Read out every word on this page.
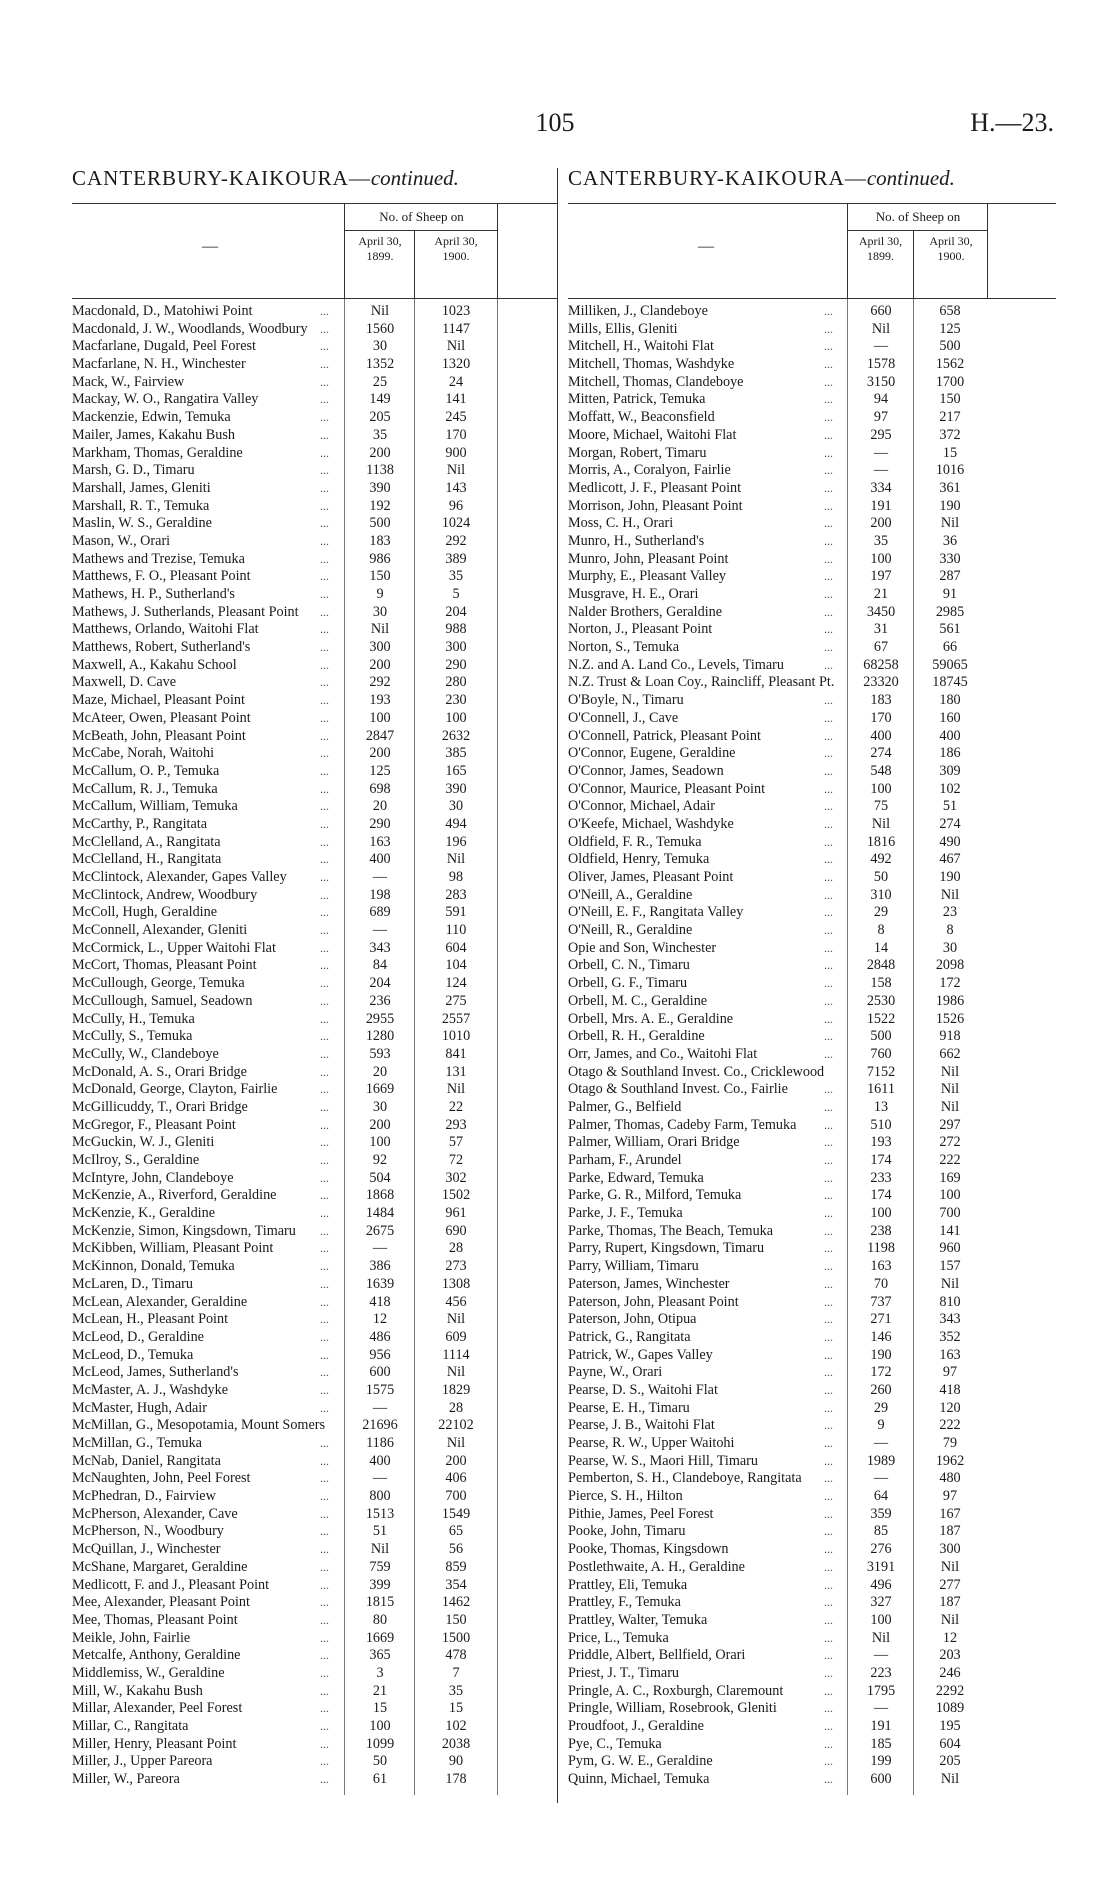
105	H.—23.
CANTERBURY-KAIKOURA—continued.	CANTERBURY-KAIKOURA—continued.
—
No. of Sheep on
April 30,
1899.
April 30,
1900.
Macdonald, D., Matohiwi Point	...	Nil	1023
Macdonald, J. W., Woodlands, Woodbury	...	1560	1147
Macfarlane, Dugald, Peel Forest	...	30	Nil
Macfarlane, N. H., Winchester	...	1352	1320
Mack, W., Fairview	...	25	24
Mackay, W. O., Rangatira Valley	...	149	141
Mackenzie, Edwin, Temuka	...	205	245
Mailer, James, Kakahu Bush	...	35	170
Markham, Thomas, Geraldine	...	200	900
Marsh, G. D., Timaru	...	1138	Nil
Marshall, James, Gleniti	...	390	143
Marshall, R. T., Temuka	...	192	96
Maslin, W. S., Geraldine	...	500	1024
Mason, W., Orari	...	183	292
Mathews and Trezise, Temuka	...	986	389
Matthews, F. O., Pleasant Point	...	150	35
Mathews, H. P., Sutherland's	...	9	5
Mathews, J. Sutherlands, Pleasant Point	...	30	204
Matthews, Orlando, Waitohi Flat	...	Nil	988
Matthews, Robert, Sutherland's	...	300	300
Maxwell, A., Kakahu School	...	200	290
Maxwell, D. Cave	...	292	280
Maze, Michael, Pleasant Point	...	193	230
McAteer, Owen, Pleasant Point	...	100	100
McBeath, John, Pleasant Point	...	2847	2632
McCabe, Norah, Waitohi	...	200	385
McCallum, O. P., Temuka	...	125	165
McCallum, R. J., Temuka	...	698	390
McCallum, William, Temuka	...	20	30
McCarthy, P., Rangitata	...	290	494
McClelland, A., Rangitata	...	163	196
McClelland, H., Rangitata	...	400	Nil
McClintock, Alexander, Gapes Valley	...	—	98
McClintock, Andrew, Woodbury	...	198	283
McColl, Hugh, Geraldine	...	689	591
McConnell, Alexander, Gleniti	...	—	110
McCormick, L., Upper Waitohi Flat	...	343	604
McCort, Thomas, Pleasant Point	...	84	104
McCullough, George, Temuka	...	204	124
McCullough, Samuel, Seadown	...	236	275
McCully, H., Temuka	...	2955	2557
McCully, S., Temuka	...	1280	1010
McCully, W., Clandeboye	...	593	841
McDonald, A. S., Orari Bridge	...	20	131
McDonald, George, Clayton, Fairlie	...	1669	Nil
McGillicuddy, T., Orari Bridge	...	30	22
McGregor, F., Pleasant Point	...	200	293
McGuckin, W. J., Gleniti	...	100	57
McIlroy, S., Geraldine	...	92	72
McIntyre, John, Clandeboye	...	504	302
McKenzie, A., Riverford, Geraldine	...	1868	1502
McKenzie, K., Geraldine	...	1484	961
McKenzie, Simon, Kingsdown, Timaru	...	2675	690
McKibben, William, Pleasant Point	...	—	28
McKinnon, Donald, Temuka	...	386	273
McLaren, D., Timaru	...	1639	1308
McLean, Alexander, Geraldine	...	418	456
McLean, H., Pleasant Point	...	12	Nil
McLeod, D., Geraldine	...	486	609
McLeod, D., Temuka	...	956	1114
McLeod, James, Sutherland's	...	600	Nil
McMaster, A. J., Washdyke	...	1575	1829
McMaster, Hugh, Adair	...	—	28
McMillan, G., Mesopotamia, Mount Somers	21696	22102
McMillan, G., Temuka	...	1186	Nil
McNab, Daniel, Rangitata	...	400	200
McNaughten, John, Peel Forest	...	—	406
McPhedran, D., Fairview	...	800	700
McPherson, Alexander, Cave	...	1513	1549
McPherson, N., Woodbury	...	51	65
McQuillan, J., Winchester	...	Nil	56
McShane, Margaret, Geraldine	...	759	859
Medlicott, F. and J., Pleasant Point	...	399	354
Mee, Alexander, Pleasant Point	...	1815	1462
Mee, Thomas, Pleasant Point	...	80	150
Meikle, John, Fairlie	...	1669	1500
Metcalfe, Anthony, Geraldine	...	365	478
Middlemiss, W., Geraldine	...	3	7
Mill, W., Kakahu Bush	...	21	35
Millar, Alexander, Peel Forest	...	15	15
Millar, C., Rangitata	...	100	102
Miller, Henry, Pleasant Point	...	1099	2038
Miller, J., Upper Pareora	...	50	90
Miller, W., Pareora	...	61	178
—
No. of Sheep on
April 30,
1899.
April 30,
1900.
Milliken, J., Clandeboye	...	660	658
Mills, Ellis, Gleniti	...	Nil	125
Mitchell, H., Waitohi Flat	...	—	500
Mitchell, Thomas, Washdyke	...	1578	1562
Mitchell, Thomas, Clandeboye	...	3150	1700
Mitten, Patrick, Temuka	...	94	150
Moffatt, W., Beaconsfield	...	97	217
Moore, Michael, Waitohi Flat	...	295	372
Morgan, Robert, Timaru	...	—	15
Morris, A., Coralyon, Fairlie	...	—	1016
Medlicott, J. F., Pleasant Point	...	334	361
Morrison, John, Pleasant Point	...	191	190
Moss, C. H., Orari	...	200	Nil
Munro, H., Sutherland's	...	35	36
Munro, John, Pleasant Point	...	100	330
Murphy, E., Pleasant Valley	...	197	287
Musgrave, H. E., Orari	...	21	91
Nalder Brothers, Geraldine	...	3450	2985
Norton, J., Pleasant Point	...	31	561
Norton, S., Temuka	...	67	66
N.Z. and A. Land Co., Levels, Timaru	...	68258	59065
N.Z. Trust & Loan Coy., Raincliff, Pleasant Pt.	23320	18745
O'Boyle, N., Timaru	...	183	180
O'Connell, J., Cave	...	170	160
O'Connell, Patrick, Pleasant Point	...	400	400
O'Connor, Eugene, Geraldine	...	274	186
O'Connor, James, Seadown	...	548	309
O'Connor, Maurice, Pleasant Point	...	100	102
O'Connor, Michael, Adair	...	75	51
O'Keefe, Michael, Washdyke	...	Nil	274
Oldfield, F. R., Temuka	...	1816	490
Oldfield, Henry, Temuka	...	492	467
Oliver, James, Pleasant Point	...	50	190
O'Neill, A., Geraldine	...	310	Nil
O'Neill, E. F., Rangitata Valley	...	29	23
O'Neill, R., Geraldine	...	8	8
Opie and Son, Winchester	...	14	30
Orbell, C. N., Timaru	...	2848	2098
Orbell, G. F., Timaru	...	158	172
Orbell, M. C., Geraldine	...	2530	1986
Orbell, Mrs. A. E., Geraldine	...	1522	1526
Orbell, R. H., Geraldine	...	500	918
Orr, James, and Co., Waitohi Flat	...	760	662
Otago & Southland Invest. Co., Cricklewood	7152	Nil
Otago & Southland Invest. Co., Fairlie	...	1611	Nil
Palmer, G., Belfield	...	13	Nil
Palmer, Thomas, Cadeby Farm, Temuka	...	510	297
Palmer, William, Orari Bridge	...	193	272
Parham, F., Arundel	...	174	222
Parke, Edward, Temuka	...	233	169
Parke, G. R., Milford, Temuka	...	174	100
Parke, J. F., Temuka	...	100	700
Parke, Thomas, The Beach, Temuka	...	238	141
Parry, Rupert, Kingsdown, Timaru	...	1198	960
Parry, William, Timaru	...	163	157
Paterson, James, Winchester	...	70	Nil
Paterson, John, Pleasant Point	...	737	810
Paterson, John, Otipua	...	271	343
Patrick, G., Rangitata	...	146	352
Patrick, W., Gapes Valley	...	190	163
Payne, W., Orari	...	172	97
Pearse, D. S., Waitohi Flat	...	260	418
Pearse, E. H., Timaru	...	29	120
Pearse, J. B., Waitohi Flat	...	9	222
Pearse, R. W., Upper Waitohi	...	—	79
Pearse, W. S., Maori Hill, Timaru	...	1989	1962
Pemberton, S. H., Clandeboye, Rangitata	...	—	480
Pierce, S. H., Hilton	...	64	97
Pithie, James, Peel Forest	...	359	167
Pooke, John, Timaru	...	85	187
Pooke, Thomas, Kingsdown	...	276	300
Postlethwaite, A. H., Geraldine	...	3191	Nil
Prattley, Eli, Temuka	...	496	277
Prattley, F., Temuka	...	327	187
Prattley, Walter, Temuka	...	100	Nil
Price, L., Temuka	...	Nil	12
Priddle, Albert, Bellfield, Orari	...	—	203
Priest, J. T., Timaru	...	223	246
Pringle, A. C., Roxburgh, Claremount	...	1795	2292
Pringle, William, Rosebrook, Gleniti	...	—	1089
Proudfoot, J., Geraldine	...	191	195
Pye, C., Temuka	...	185	604
Pym, G. W. E., Geraldine	...	199	205
Quinn, Michael, Temuka	...	600	Nil
